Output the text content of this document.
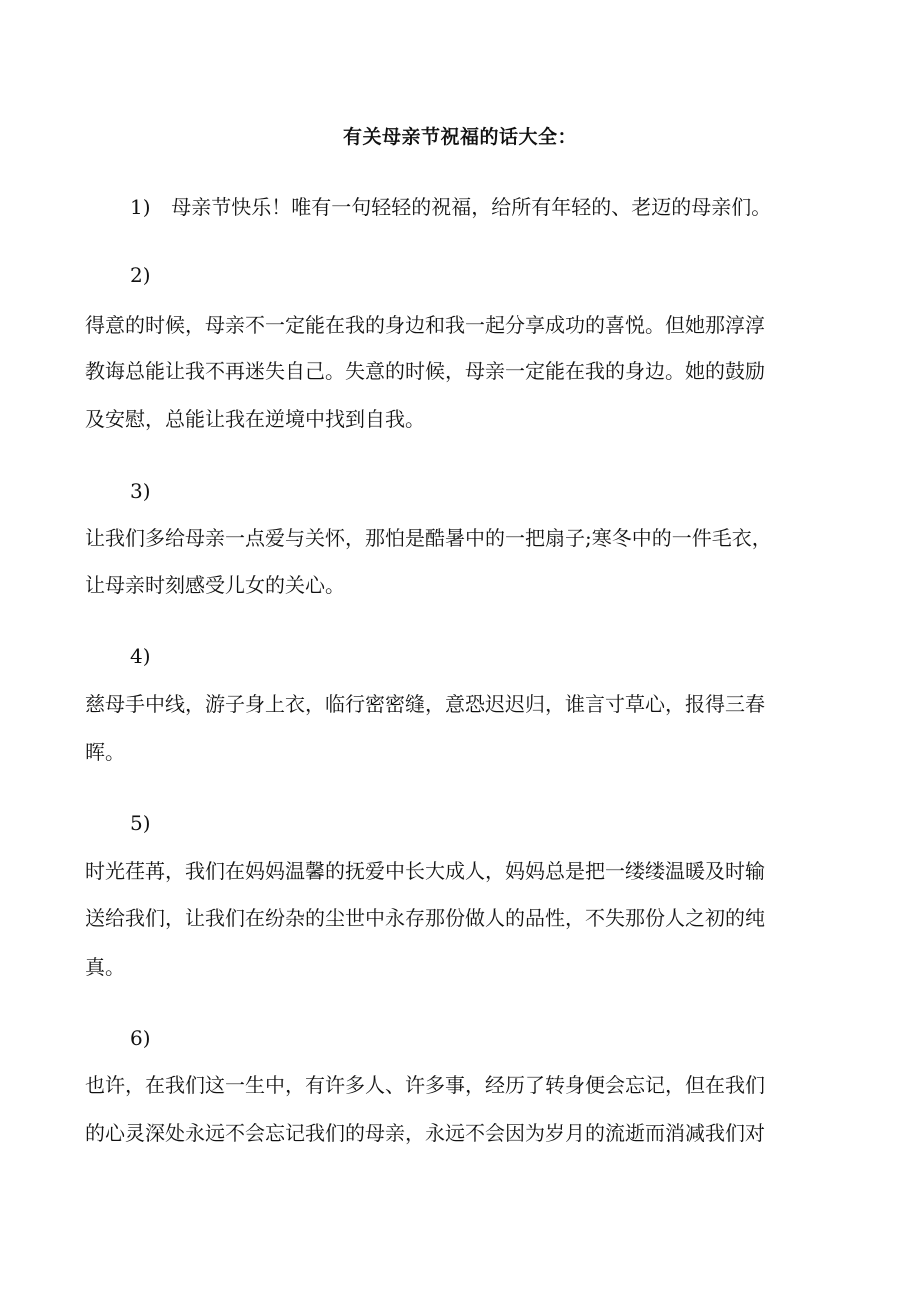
有关母亲节祝福的话大全：
1) 母亲节快乐！唯有一句轻轻的祝福，给所有年轻的、老迈的母亲们。
2)
得意的时候，母亲不一定能在我的身边和我一起分享成功的喜悦。但她那淳淳
教诲总能让我不再迷失自己。失意的时候，母亲一定能在我的身边。她的鼓励
及安慰，总能让我在逆境中找到自我。
3)
让我们多给母亲一点爱与关怀，那怕是酷暑中的一把扇子;寒冬中的一件毛衣，
让母亲时刻感受儿女的关心。
4)
慈母手中线，游子身上衣，临行密密缝，意恐迟迟归，谁言寸草心，报得三春
晖。
5)
时光荏苒，我们在妈妈温馨的抚爱中长大成人，妈妈总是把一缕缕温暖及时输
送给我们，让我们在纷杂的尘世中永存那份做人的品性，不失那份人之初的纯
真。
6)
也许，在我们这一生中，有许多人、许多事，经历了转身便会忘记，但在我们
的心灵深处永远不会忘记我们的母亲，永远不会因为岁月的流逝而消减我们对
